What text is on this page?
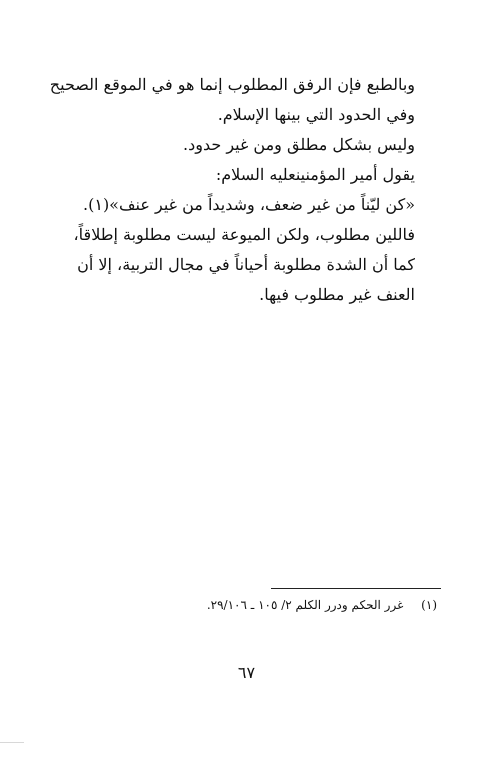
وبالطبع فإن الرفق المطلوب إنما هو في الموقع الصحيح وفي الحدود التي بينها الإسلام.

وليس بشكل مطلق ومن غير حدود.

يقول أمير المؤمنينعليه السلام:

«كن ليّناً من غير ضعف، وشديداً من غير عنف»(١).

فاللين مطلوب، ولكن الميوعة ليست مطلوبة إطلاقاً، كما أن الشدة مطلوبة أحياناً في مجال التربية، إلا أن العنف غير مطلوب فيها.

(١) غرر الحكم ودرر الكلم ٢/ ١٠٥ ـ ٢٩/١٠٦.
٦٧
